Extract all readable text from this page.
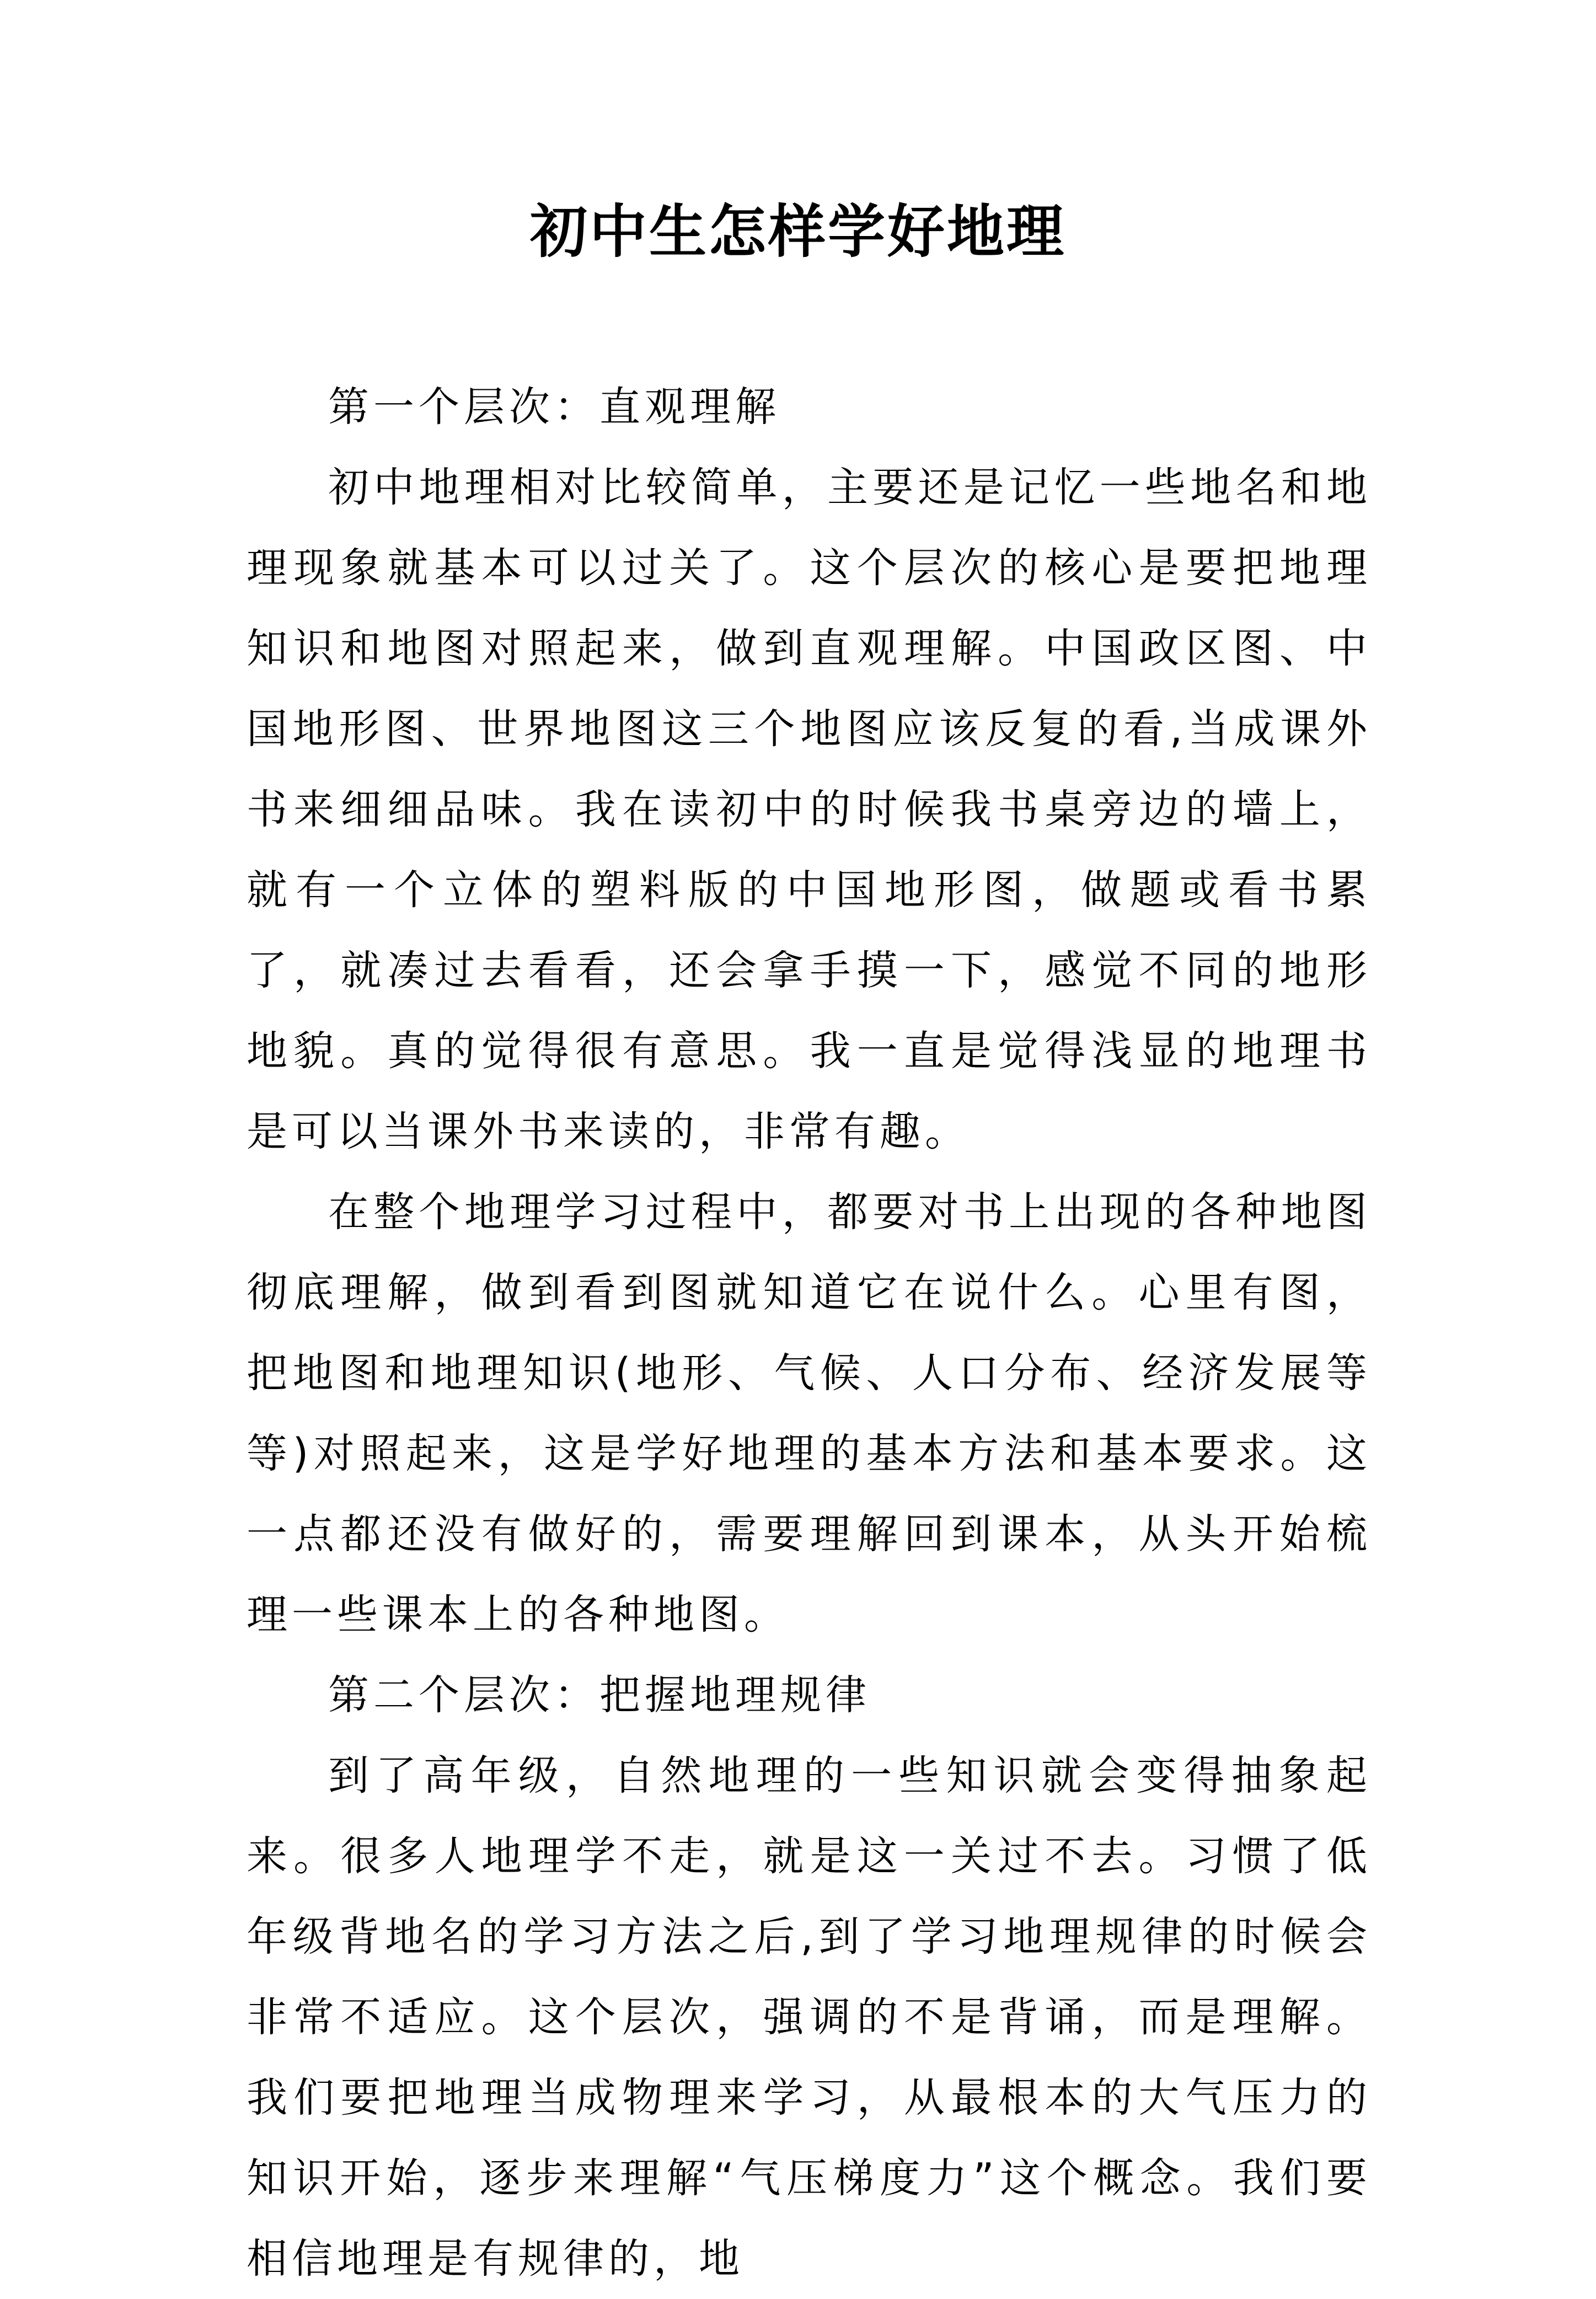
初中生怎样学好地理

第一个层次：直观理解

初中地理相对比较简单，主要还是记忆一些地名和地理现象就基本可以过关了。这个层次的核心是要把地理知识和地图对照起来，做到直观理解。中国政区图、中国地形图、世界地图这三个地图应该反复的看,当成课外书来细细品味。我在读初中的时候我书桌旁边的墙上，就有一个立体的塑料版的中国地形图，做题或看书累了，就凑过去看看，还会拿手摸一下，感觉不同的地形地貌。真的觉得很有意思。我一直是觉得浅显的地理书是可以当课外书来读的，非常有趣。

在整个地理学习过程中，都要对书上出现的各种地图彻底理解，做到看到图就知道它在说什么。心里有图，把地图和地理知识(地形、气候、人口分布、经济发展等等)对照起来，这是学好地理的基本方法和基本要求。这一点都还没有做好的，需要理解回到课本，从头开始梳理一些课本上的各种地图。

第二个层次：把握地理规律

到了高年级，自然地理的一些知识就会变得抽象起来。很多人地理学不走，就是这一关过不去。习惯了低年级背地名的学习方法之后,到了学习地理规律的时候会非常不适应。这个层次，强调的不是背诵，而是理解。我们要把地理当成物理来学习，从最根本的大气压力的知识开始，逐步来理解“气压梯度力”这个概念。我们要相信地理是有规律的，地
